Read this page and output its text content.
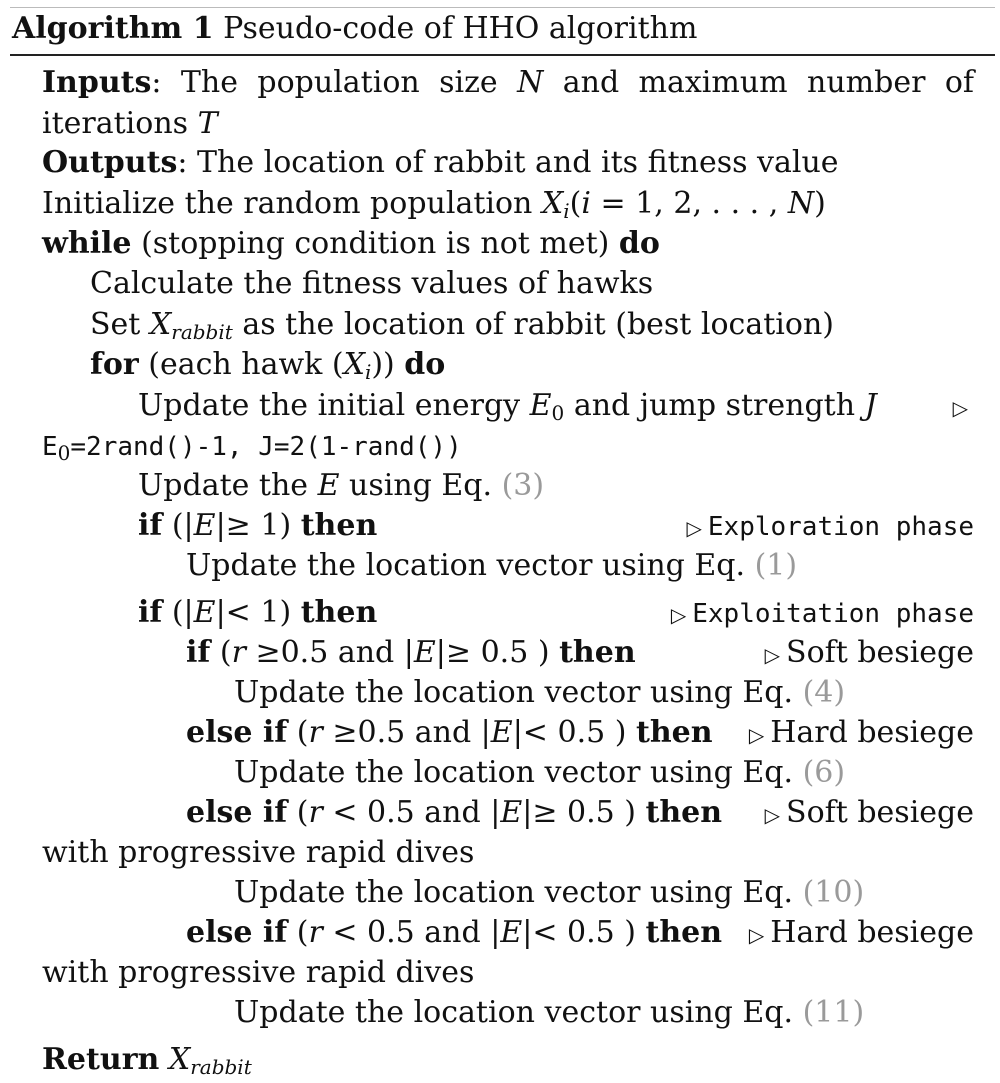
Algorithm 1 Pseudo-code of HHO algorithm
Inputs: The population size N and maximum number of
iterations T
Outputs: The location of rabbit and its fitness value
Initialize the random population $X_i(i = 1$, 2, . . . , N)
while (stopping condition is not met) do
Calculate the fitness values of hawks
Set $X_{rabbit}$ as the location of rabbit (best location)
for (each hawk $(X_i)$) do
Update the initial energy $E_0$ and jump strength J	▷
$E_0=2rand()-1$, J=2(1-rand())
Update the E using Eq. (3)
if (|E|≥ 1) then	▷ Exploration phase
Update the location vector using Eq. (1)
if (|E|< 1) then	▷ Exploitation phase
if (r ≥0.5 and |E|≥ 0.5 ) then	▷ Soft besiege
Update the location vector using Eq. (4)
else if (r ≥0.5 and |E|< 0.5 ) then ▷ Hard besiege
Update the location vector using Eq. (6)
else if (r < 0.5 and |E|≥ 0.5 ) then ▷ Soft besiege
with progressive rapid dives
Update the location vector using Eq. (10)
else if (r < 0.5 and |E|< 0.5 ) then ▷ Hard besiege
with progressive rapid dives
Update the location vector using Eq. (11)
Return $X_{rabbit}$
